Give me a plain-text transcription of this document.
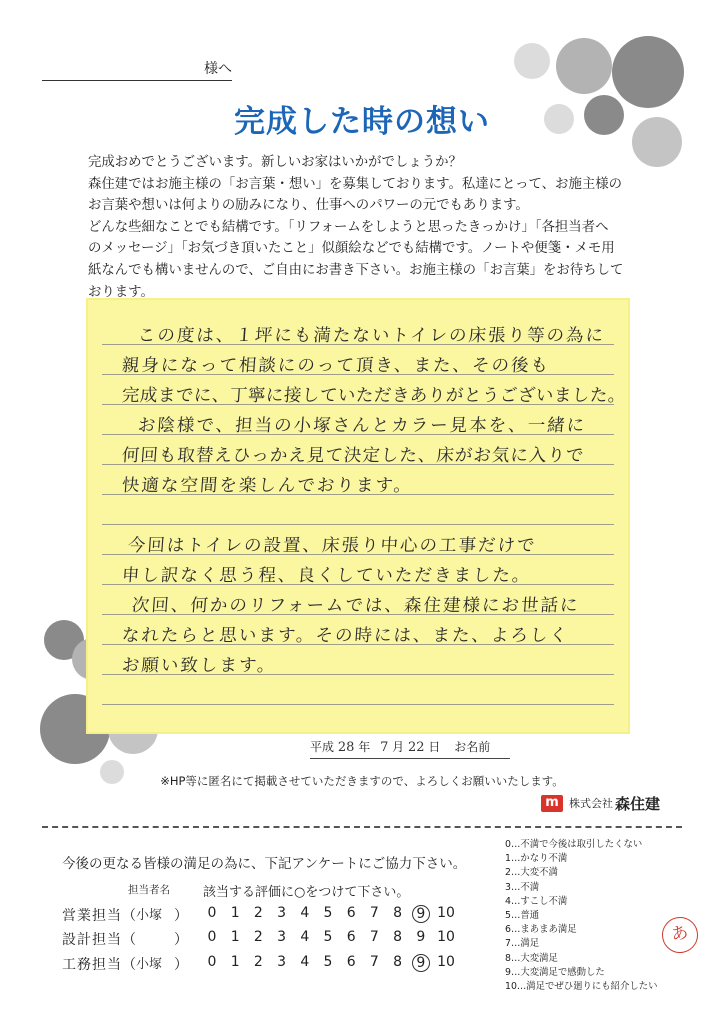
様へ
完成した時の想い
完成おめでとうございます。新しいお家はいかがでしょうか？
森住建ではお施主様の「お言葉・想い」を募集しております。私達にとって、お施主様の
お言葉や想いは何よりの励みになり、仕事へのパワーの元でもあります。
どんな些細なことでも結構です。「リフォームをしようと思ったきっかけ」「各担当者へ
のメッセージ」「お気づき頂いたこと」似顔絵などでも結構です。ノートや便箋・メモ用
紙なんでも構いませんので、ご自由にお書き下さい。お施主様の「お言葉」をお待ちして
おります。
この度は、１坪にも満たないトイレの床張り等の為に
親身になって相談にのって頂き、また、その後も
完成までに、丁寧に接していただきありがとうございました。
お陰様で、担当の小塚さんとカラー見本を、一緒に
何回も取替えひっかえ見て決定した、床がお気に入りで
快適な空間を楽しんでおります。
今回はトイレの設置、床張り中心の工事だけで
申し訳なく思う程、良くしていただきました。
次回、何かのリフォームでは、森住建様にお世話に
なれたらと思います。その時には、また、よろしく
お願い致します。
平成 28 年 7 月 22 日 お名前
※HP等に匿名にて掲載させていただきますので、よろしくお願いいたします。
m 株式会社 森住建
今後の更なる皆様の満足の為に、下記アンケートにご協力下さい。
担当者名	該当する評価に○をつけて下さい。
営業担当 （ 小塚 ）	0	1	2	3	4	5	6	7	8	9 10
設計担当 （	）	0	1	2	3	4	5	6	7	8	9 10
工務担当 （ 小塚 ）	0	1	2	3	4	5	6	7	8	9 10
0…不満で今後は取引したくない
1…かなり不満
2…大変不満
3…不満
4…すこし不満
5…普通
6…まあまあ満足
7…満足
8…大変満足
9…大変満足で感動した
10…満足でぜひ廻りにも紹介したい
あ
